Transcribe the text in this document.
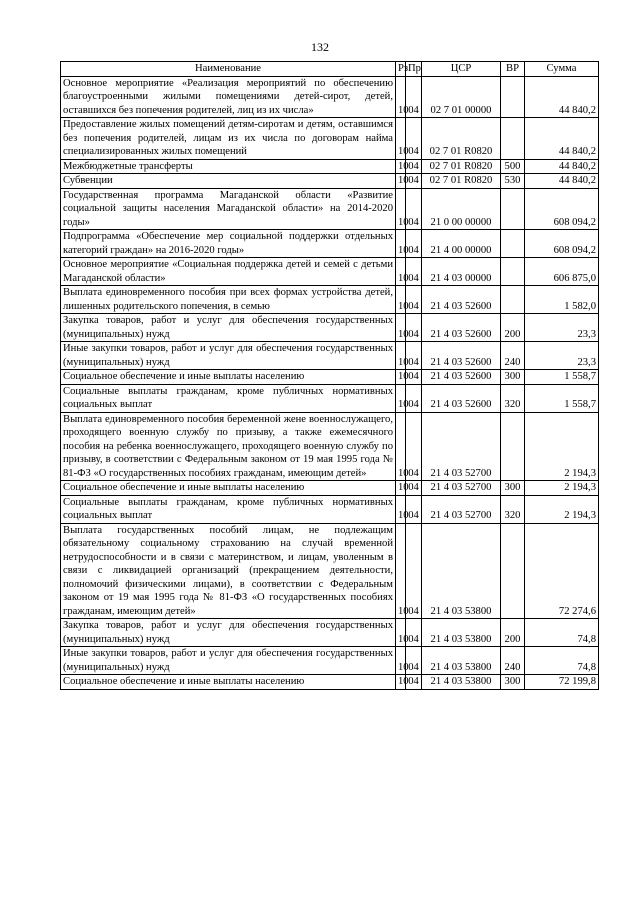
132
Наименование	Рз	Пр	ЦСР	ВР	Сумма
Основное мероприятие «Реализация мероприятий по обеспечению благоустроенными жилыми помещениями детей-сирот, детей, оставшихся без попечения родителей, лиц из их числа»	10	04	02 7 01 00000		44 840,2
Предоставление жилых помещений детям-сиротам и детям, оставшимся без попечения родителей, лицам из их числа по договорам найма специализированных жилых помещений	10	04	02 7 01 R0820		44 840,2
Межбюджетные трансферты	10	04	02 7 01 R0820	500	44 840,2
Субвенции	10	04	02 7 01 R0820	530	44 840,2
Государственная программа Магаданской области «Развитие социальной защиты населения Магаданской области» на 2014-2020 годы»	10	04	21 0 00 00000		608 094,2
Подпрограмма «Обеспечение мер социальной поддержки отдельных категорий граждан» на 2016-2020 годы»	10	04	21 4 00 00000		608 094,2
Основное мероприятие «Социальная поддержка детей и семей с детьми Магаданской области»	10	04	21 4 03 00000		606 875,0
Выплата единовременного пособия при всех формах устройства детей, лишенных родительского попечения, в семью	10	04	21 4 03 52600		1 582,0
Закупка товаров, работ и услуг для обеспечения государственных (муниципальных) нужд	10	04	21 4 03 52600	200	23,3
Иные закупки товаров, работ и услуг для обеспечения государственных (муниципальных) нужд	10	04	21 4 03 52600	240	23,3
Социальное обеспечение и иные выплаты населению	10	04	21 4 03 52600	300	1 558,7
Социальные выплаты гражданам, кроме публичных нормативных социальных выплат	10	04	21 4 03 52600	320	1 558,7
Выплата единовременного пособия беременной жене военнослужащего, проходящего военную службу по призыву, а также ежемесячного пособия на ребенка военнослужащего, проходящего военную службу по призыву, в соответствии с Федеральным законом от 19 мая 1995 года № 81-ФЗ «О государственных пособиях гражданам, имеющим детей»	10	04	21 4 03 52700		2 194,3
Социальное обеспечение и иные выплаты населению	10	04	21 4 03 52700	300	2 194,3
Социальные выплаты гражданам, кроме публичных нормативных социальных выплат	10	04	21 4 03 52700	320	2 194,3
Выплата государственных пособий лицам, не подлежащим обязательному социальному страхованию на случай временной нетрудоспособности и в связи с материнством, и лицам, уволенным в связи с ликвидацией организаций (прекращением деятельности, полномочий физическими лицами), в соответствии с Федеральным законом от 19 мая 1995 года № 81-ФЗ «О государственных пособиях гражданам, имеющим детей»	10	04	21 4 03 53800		72 274,6
Закупка товаров, работ и услуг для обеспечения государственных (муниципальных) нужд	10	04	21 4 03 53800	200	74,8
Иные закупки товаров, работ и услуг для обеспечения государственных (муниципальных) нужд	10	04	21 4 03 53800	240	74,8
Социальное обеспечение и иные выплаты населению	10	04	21 4 03 53800	300	72 199,8
